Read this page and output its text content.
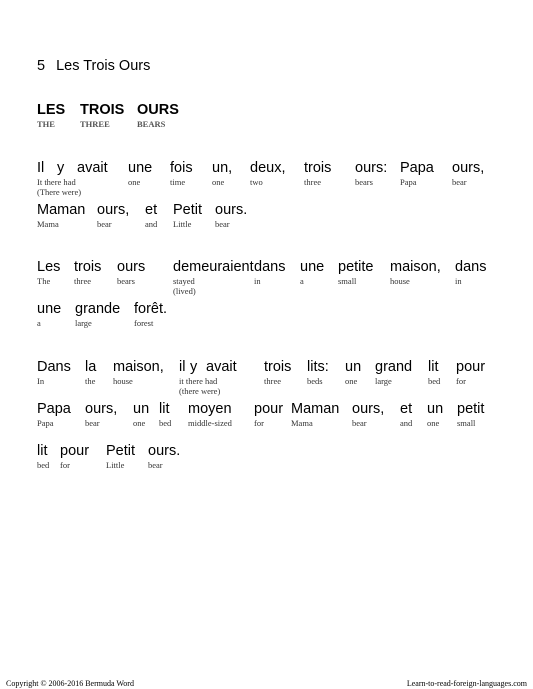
5 Les Trois Ours
LES
THE
TROIS
THREE
OURS
BEARS
Il
It there had
(There were)
y avait une
one
fois
time
un,
one
deux,
two
trois
three
ours:
bears
Papa
Papa
ours,
bear
Maman
Mama
ours,
bear
et
and
Petit
Little
ours.
bear
Les
The
trois
three
ours
bears
demeuraient
stayed
(lived)
dans
in
une
a
petite
small
maison,
house
dans
in
une
a
grande
large
forêt.
forest
Dans
In
la
the
maison,
house
il
it there had
(there were)
y avait trois
three
lits:
beds
un
one
grand
large
lit
bed
pour
for
Papa
Papa
ours,
bear
un
one
lit
bed
moyen
middle-sized
pour
for
Maman
Mama
ours,
bear
et
and
un
one
petit
small
lit
bed
pour
for
Petit
Little
ours.
bear
Copyright © 2006-2016 Bermuda Word	Learn-to-read-foreign-languages.com
